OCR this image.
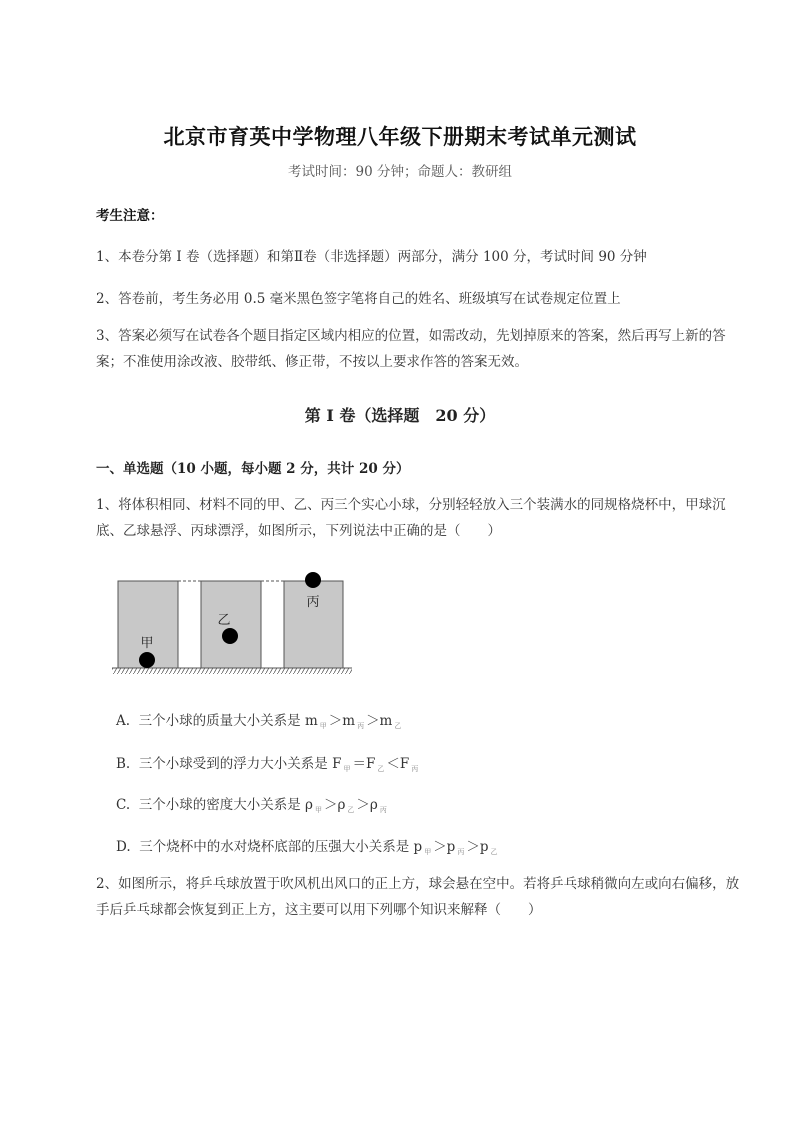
北京市育英中学物理八年级下册期末考试单元测试
考试时间：90 分钟；命题人：教研组
考生注意：
1、本卷分第 I 卷（选择题）和第Ⅱ卷（非选择题）两部分，满分 100 分，考试时间 90 分钟
2、答卷前，考生务必用 0.5 毫米黑色签字笔将自己的姓名、班级填写在试卷规定位置上
3、答案必须写在试卷各个题目指定区域内相应的位置，如需改动，先划掉原来的答案，然后再写上新的答案；不准使用涂改液、胶带纸、修正带，不按以上要求作答的答案无效。
第 I 卷（选择题　20 分）
一、单选题（10 小题，每小题 2 分，共计 20 分）
1、将体积相同、材料不同的甲、乙、丙三个实心小球，分别轻轻放入三个装满水的同规格烧杯中，甲球沉底、乙球悬浮、丙球漂浮，如图所示，下列说法中正确的是（　　）
甲
乙
丙
A. 三个小球的质量大小关系是 m $_甲$ ＞m $_丙$ ＞m $_乙$
B. 三个小球受到的浮力大小关系是 F $_甲$ ＝F $_乙$ ＜F $_丙$
C. 三个小球的密度大小关系是 ρ $_甲$ ＞ρ $_乙$ ＞ρ $_丙$
D. 三个烧杯中的水对烧杯底部的压强大小关系是 p $_甲$ ＞p $_丙$ ＞p $_乙$
2、如图所示，将乒乓球放置于吹风机出风口的正上方，球会悬在空中。若将乒乓球稍微向左或向右偏移，放手后乒乓球都会恢复到正上方，这主要可以用下列哪个知识来解释（　　）
